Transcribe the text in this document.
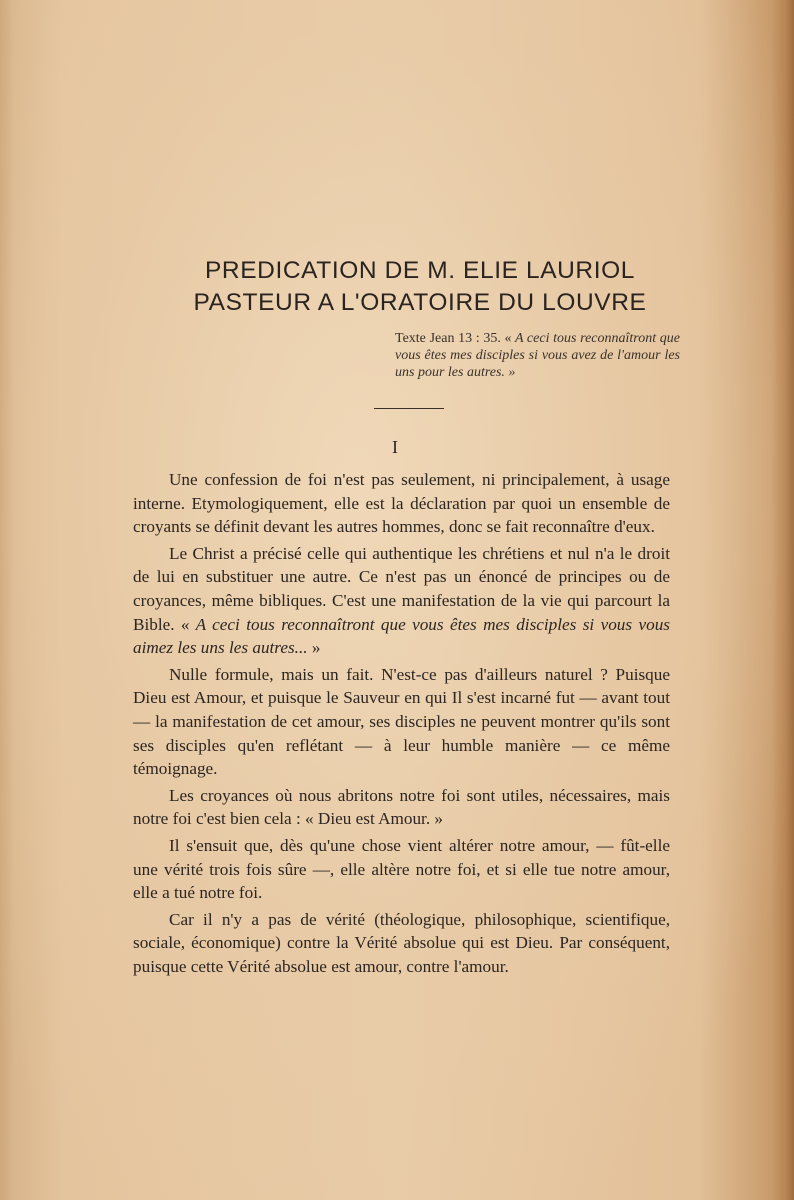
PREDICATION DE M. ELIE LAURIOL
PASTEUR A L'ORATOIRE DU LOUVRE
Texte Jean 13 : 35. « A ceci tous reconnaîtront que vous êtes mes disciples si vous avez de l'amour les uns pour les autres. »
I

Une confession de foi n'est pas seulement, ni principalement, à usage interne. Etymologiquement, elle est la déclaration par quoi un ensemble de croyants se définit devant les autres hommes, donc se fait reconnaître d'eux.

Le Christ a précisé celle qui authentique les chrétiens et nul n'a le droit de lui en substituer une autre. Ce n'est pas un énoncé de principes ou de croyances, même bibliques. C'est une manifestation de la vie qui parcourt la Bible. « A ceci tous reconnaîtront que vous êtes mes disciples si vous vous aimez les uns les autres... »

Nulle formule, mais un fait. N'est-ce pas d'ailleurs naturel ? Puisque Dieu est Amour, et puisque le Sauveur en qui Il s'est incarné fut — avant tout — la manifestation de cet amour, ses disciples ne peuvent montrer qu'ils sont ses disciples qu'en reflétant — à leur humble manière — ce même témoignage.

Les croyances où nous abritons notre foi sont utiles, nécessaires, mais notre foi c'est bien cela : « Dieu est Amour. »

Il s'ensuit que, dès qu'une chose vient altérer notre amour, — fût-elle une vérité trois fois sûre —, elle altère notre foi, et si elle tue notre amour, elle a tué notre foi.

Car il n'y a pas de vérité (théologique, philosophique, scientifique, sociale, économique) contre la Vérité absolue qui est Dieu. Par conséquent, puisque cette Vérité absolue est amour, contre l'amour.
